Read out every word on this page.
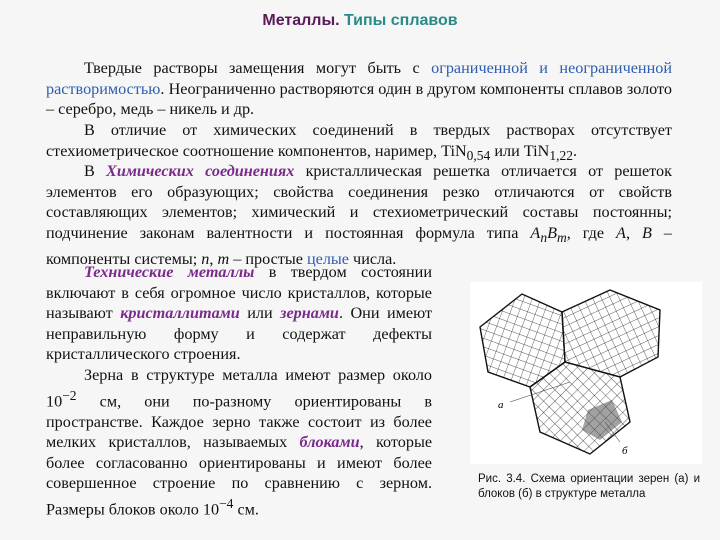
Металлы. Типы сплавов
Твердые растворы замещения могут быть с ограниченной и неограниченной растворимостью. Неограниченно растворяются один в другом компоненты сплавов золото – серебро, медь – никель и др.
В отличие от химических соединений в твердых растворах отсутствует стехиометрическое соотношение компонентов, наример, TiN$_{0,54}$ или TiN$_{1,22}$.
В Химических соединениях кристаллическая решетка отличается от решеток элементов его образующих; свойства соединения резко отличаются от свойств составляющих элементов; химический и стехиометрический составы постоянны; подчинение законам валентности и постоянная формула типа $A_nB_m$, где A, B – компоненты системы; n, m – простые целые числа.
Технические металлы в твердом состоянии включают в себя огромное число кристаллов, которые называют кристаллитами или зернами. Они имеют неправильную форму и содержат дефекты кристаллического строения.
Зерна в структуре металла имеют размер около $10^{-2}$ см, они по-разному ориентированы в пространстве. Каждое зерно также состоит из более мелких кристаллов, называемых блоками, которые более согласованно ориентированы и имеют более совершенное строение по сравнению с зерном. Размеры блоков около $10^{-4}$ см.
а
б
Рис. 3.4. Схема ориентации зерен (а) и блоков (б) в структуре металла
